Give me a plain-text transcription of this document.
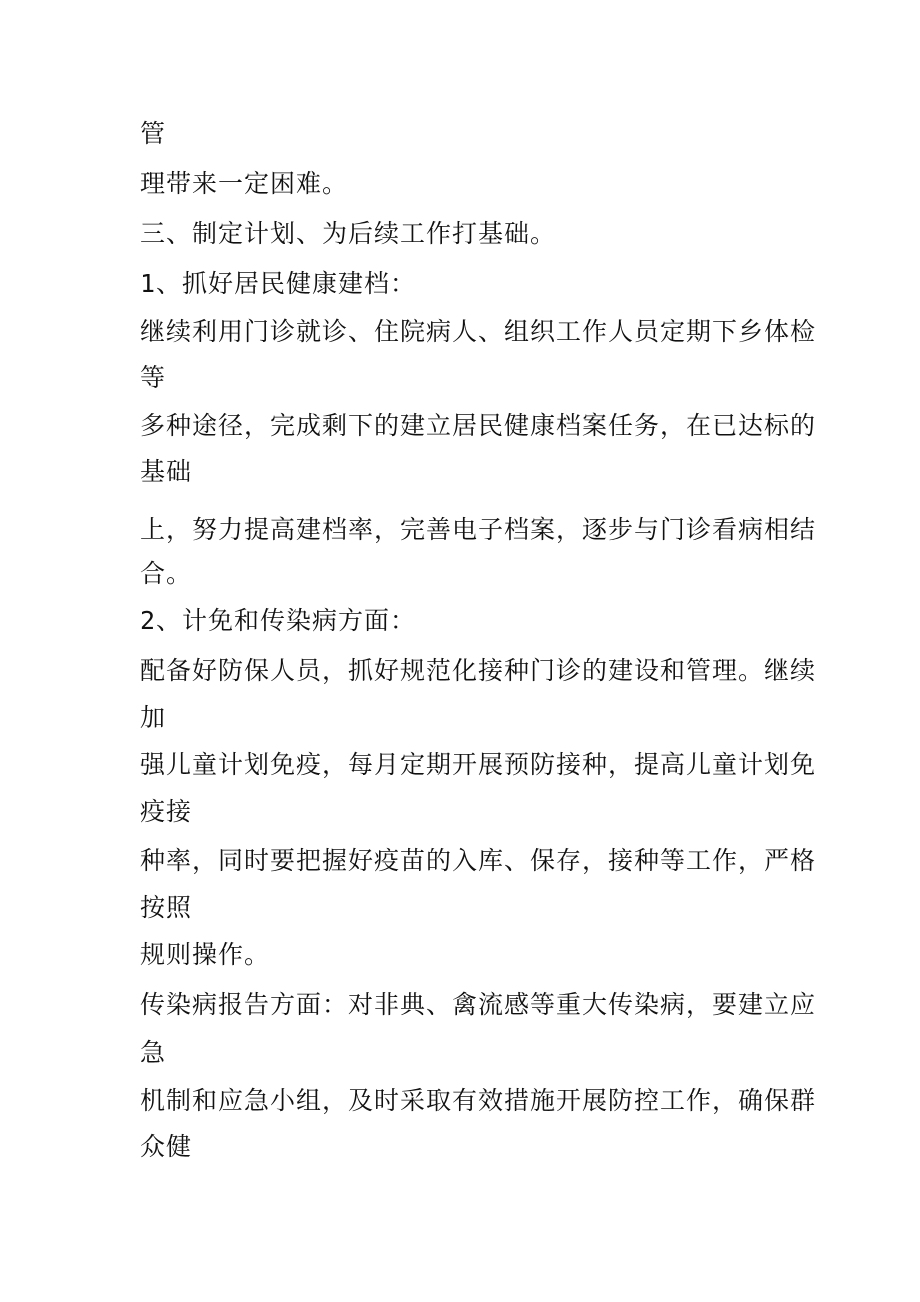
管

理带来一定困难。

三、制定计划、为后续工作打基础。

1、抓好居民健康建档：

继续利用门诊就诊、住院病人、组织工作人员定期下乡体检

等

多种途径，完成剩下的建立居民健康档案任务，在已达标的

基础

上，努力提高建档率，完善电子档案，逐步与门诊看病相结

合。

2、计免和传染病方面：

配备好防保人员，抓好规范化接种门诊的建设和管理。继续

加

强儿童计划免疫，每月定期开展预防接种，提高儿童计划免

疫接

种率，同时要把握好疫苗的入库、保存，接种等工作，严格

按照

规则操作。

传染病报告方面：对非典、禽流感等重大传染病，要建立应

急

机制和应急小组，及时采取有效措施开展防控工作，确保群

众健
